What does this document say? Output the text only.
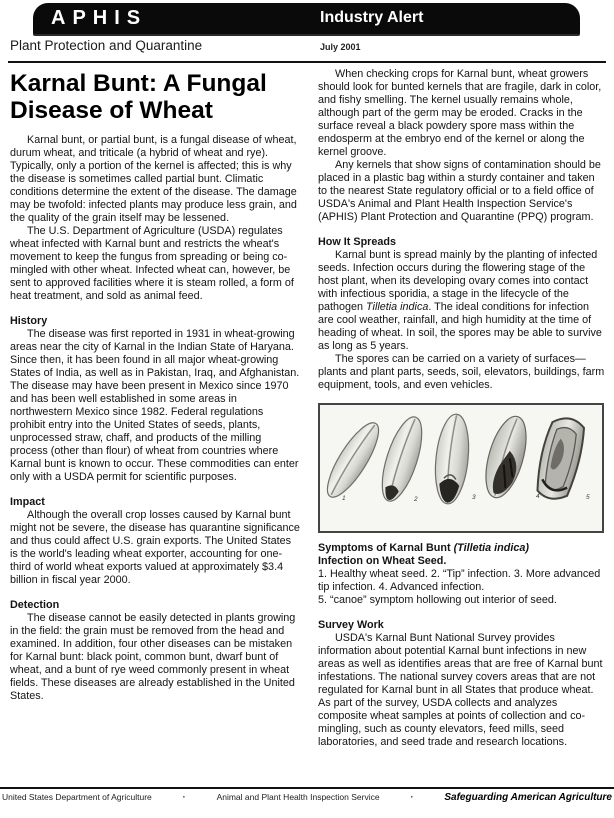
APHIS	Industry Alert
Plant Protection and Quarantine	July 2001
Karnal Bunt: A Fungal Disease of Wheat

Karnal bunt, or partial bunt, is a fungal disease of wheat, durum wheat, and triticale (a hybrid of wheat and rye). Typically, only a portion of the kernel is affected; this is why the disease is sometimes called partial bunt. Climatic conditions determine the extent of the disease. The damage may be twofold: infected plants may produce less grain, and the quality of the grain itself may be lessened.

The U.S. Department of Agriculture (USDA) regulates wheat infected with Karnal bunt and restricts the wheat's movement to keep the fungus from spreading or being co-mingled with other wheat. Infected wheat can, however, be sent to approved facilities where it is steam rolled, a form of heat treatment, and sold as animal feed.

History

The disease was first reported in 1931 in wheat-growing areas near the city of Karnal in the Indian State of Haryana. Since then, it has been found in all major wheat-growing States of India, as well as in Pakistan, Iraq, and Afghanistan. The disease may have been present in Mexico since 1970 and has been well established in some areas in northwestern Mexico since 1982. Federal regulations prohibit entry into the United States of seeds, plants, unprocessed straw, chaff, and products of the milling process (other than flour) of wheat from countries where Karnal bunt is known to occur. These commodities can enter only with a USDA permit for scientific purposes.

Impact

Although the overall crop losses caused by Karnal bunt might not be severe, the disease has quarantine significance and thus could affect U.S. grain exports. The United States is the world's leading wheat exporter, accounting for one-third of world wheat exports valued at approximately $3.4 billion in fiscal year 2000.

Detection

The disease cannot be easily detected in plants growing in the field: the grain must be removed from the head and examined. In addition, four other diseases can be mistaken for Karnal bunt: black point, common bunt, dwarf bunt of wheat, and a bunt of rye weed commonly present in wheat fields. These diseases are already established in the United States.

When checking crops for Karnal bunt, wheat growers should look for bunted kernels that are fragile, dark in color, and fishy smelling. The kernel usually remains whole, although part of the germ may be eroded. Cracks in the surface reveal a black powdery spore mass within the endosperm at the embryo end of the kernel or along the kernel groove.

Any kernels that show signs of contamination should be placed in a plastic bag within a sturdy container and taken to the nearest State regulatory official or to a field office of USDA's Animal and Plant Health Inspection Service's (APHIS) Plant Protection and Quarantine (PPQ) program.

How It Spreads

Karnal bunt is spread mainly by the planting of infected seeds. Infection occurs during the flowering stage of the host plant, when its developing ovary comes into contact with infectious sporidia, a stage in the lifecycle of the pathogen Tilletia indica. The ideal conditions for infection are cool weather, rainfall, and high humidity at the time of heading of wheat. In soil, the spores may be able to survive as long as 5 years.

The spores can be carried on a variety of surfaces—plants and plant parts, seeds, soil, elevators, buildings, farm equipment, tools, and even vehicles.

1	2	3	4	5

Symptoms of Karnal Bunt (Tilletia indica)
Infection on Wheat Seed.

1. Healthy wheat seed. 2. “Tip” infection. 3. More advanced tip infection. 4. Advanced infection.
5. “canoe” symptom hollowing out interior of seed.

Survey Work

USDA's Karnal Bunt National Survey provides information about potential Karnal bunt infections in new areas as well as identifies areas that are free of Karnal bunt infestations. The national survey covers areas that are not regulated for Karnal bunt in all States that produce wheat. As part of the survey, USDA collects and analyzes composite wheat samples at points of collection and co-mingling, such as county elevators, feed mills, seed laboratories, and seed trade and research locations.

United States Department of Agriculture	·	Animal and Plant Health Inspection Service	·	Safeguarding American Agriculture
